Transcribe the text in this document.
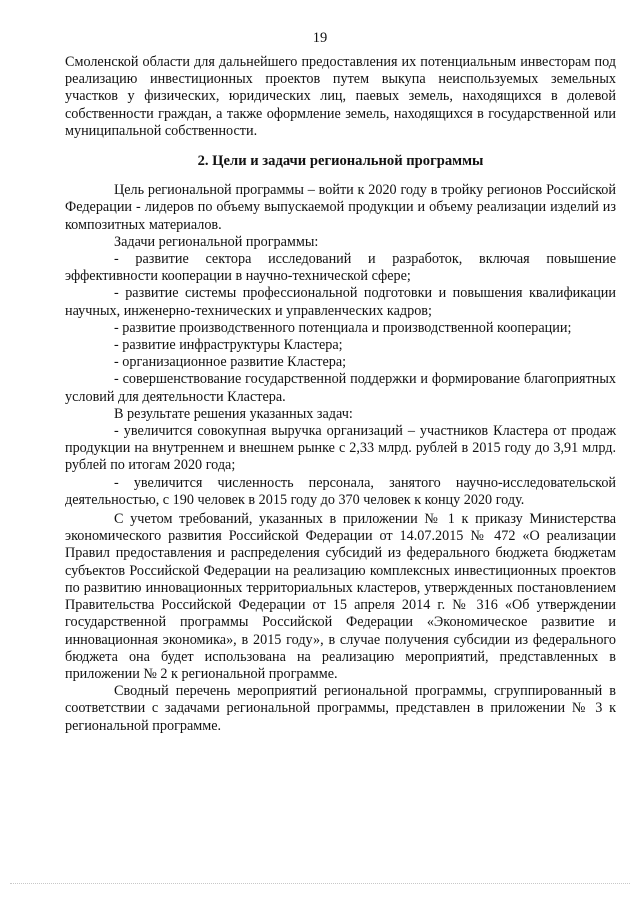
19

Смоленской области для дальнейшего предоставления их потенциальным инвесторам под реализацию инвестиционных проектов путем выкупа неиспользуемых земельных участков у физических, юридических лиц, паевых земель, находящихся в долевой собственности граждан, а также оформление земель, находящихся в государственной или муниципальной собственности.

2. Цели и задачи региональной программы

Цель региональной программы – войти к 2020 году в тройку регионов Российской Федерации - лидеров по объему выпускаемой продукции и объему реализации изделий из композитных материалов.

Задачи региональной программы:

- развитие сектора исследований и разработок, включая повышение эффективности кооперации в научно-технической сфере;

- развитие системы профессиональной подготовки и повышения квалификации научных, инженерно-технических и управленческих кадров;

- развитие производственного потенциала и производственной кооперации;

- развитие инфраструктуры Кластера;

- организационное развитие Кластера;

- совершенствование государственной поддержки и формирование благоприятных условий для деятельности Кластера.

В результате решения указанных задач:

- увеличится совокупная выручка организаций – участников Кластера от продаж продукции на внутреннем и внешнем рынке с 2,33 млрд. рублей в 2015 году до 3,91 млрд. рублей по итогам 2020 года;

- увеличится численность персонала, занятого научно-исследовательской деятельностью, с 190 человек в 2015 году до 370 человек к концу 2020 году.

С учетом требований, указанных в приложении № 1 к приказу Министерства экономического развития Российской Федерации от 14.07.2015 № 472 «О реализации Правил предоставления и распределения субсидий из федерального бюджета бюджетам субъектов Российской Федерации на реализацию комплексных инвестиционных проектов по развитию инновационных территориальных кластеров, утвержденных постановлением Правительства Российской Федерации от 15 апреля 2014 г. № 316 «Об утверждении государственной программы Российской Федерации «Экономическое развитие и инновационная экономика», в 2015 году», в случае получения субсидии из федерального бюджета она будет использована на реализацию мероприятий, представленных в приложении № 2 к региональной программе.

Сводный перечень мероприятий региональной программы, сгруппированный в соответствии с задачами региональной программы, представлен в приложении № 3 к региональной программе.
